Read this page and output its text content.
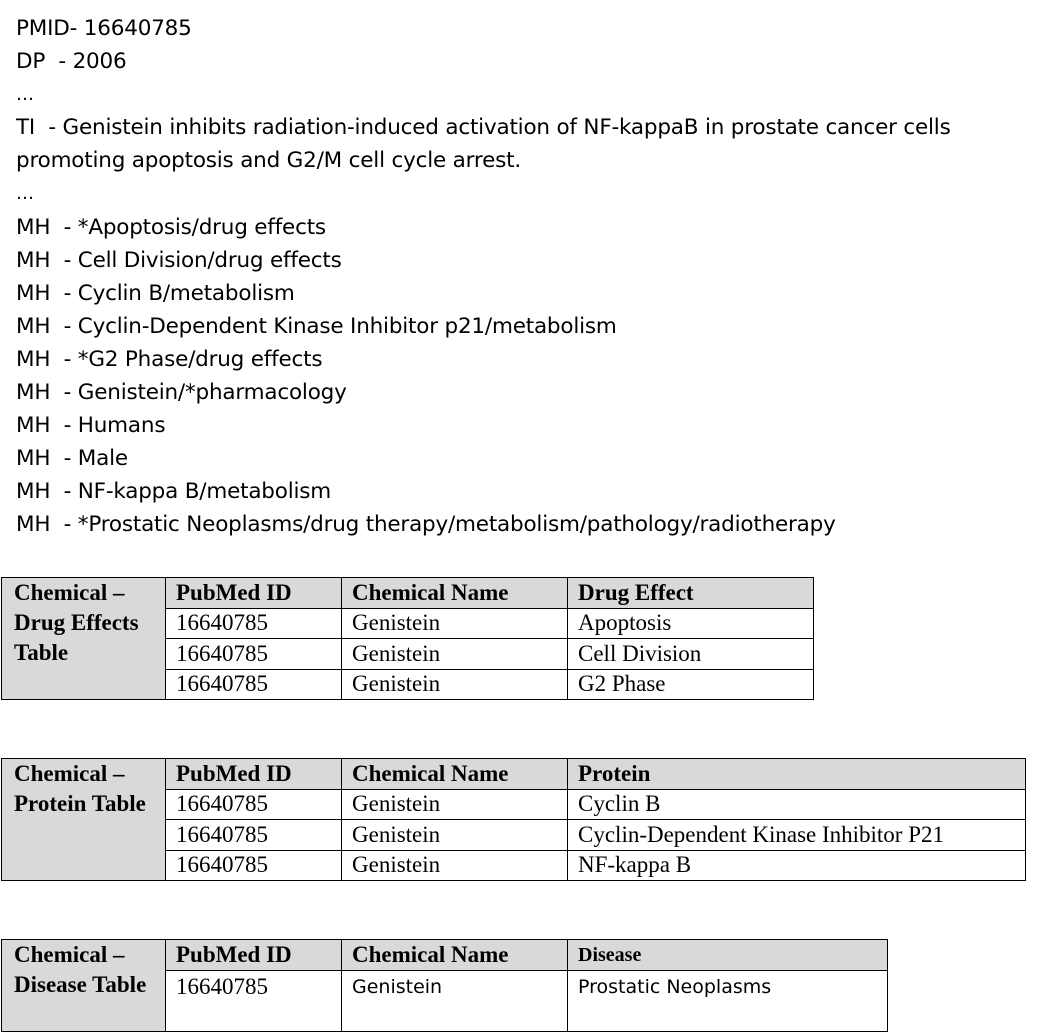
PMID- 16640785
DP  - 2006
…
TI  - Genistein inhibits radiation-induced activation of NF-kappaB in prostate cancer cells promoting apoptosis and G2/M cell cycle arrest.
…
MH  - *Apoptosis/drug effects
MH  - Cell Division/drug effects
MH  - Cyclin B/metabolism
MH  - Cyclin-Dependent Kinase Inhibitor p21/metabolism
MH  - *G2 Phase/drug effects
MH  - Genistein/*pharmacology
MH  - Humans
MH  - Male
MH  - NF-kappa B/metabolism
MH  - *Prostatic Neoplasms/drug therapy/metabolism/pathology/radiotherapy
Chemical – Drug Effects Table	PubMed ID	Chemical Name	Drug Effect
	16640785	Genistein	Apoptosis
	16640785	Genistein	Cell Division
	16640785	Genistein	G2 Phase
Chemical – Protein Table	PubMed ID	Chemical Name	Protein
	16640785	Genistein	Cyclin B
	16640785	Genistein	Cyclin-Dependent Kinase Inhibitor P21
	16640785	Genistein	NF-kappa B
Chemical – Disease Table	PubMed ID	Chemical Name	Disease
	16640785	Genistein	Prostatic Neoplasms
